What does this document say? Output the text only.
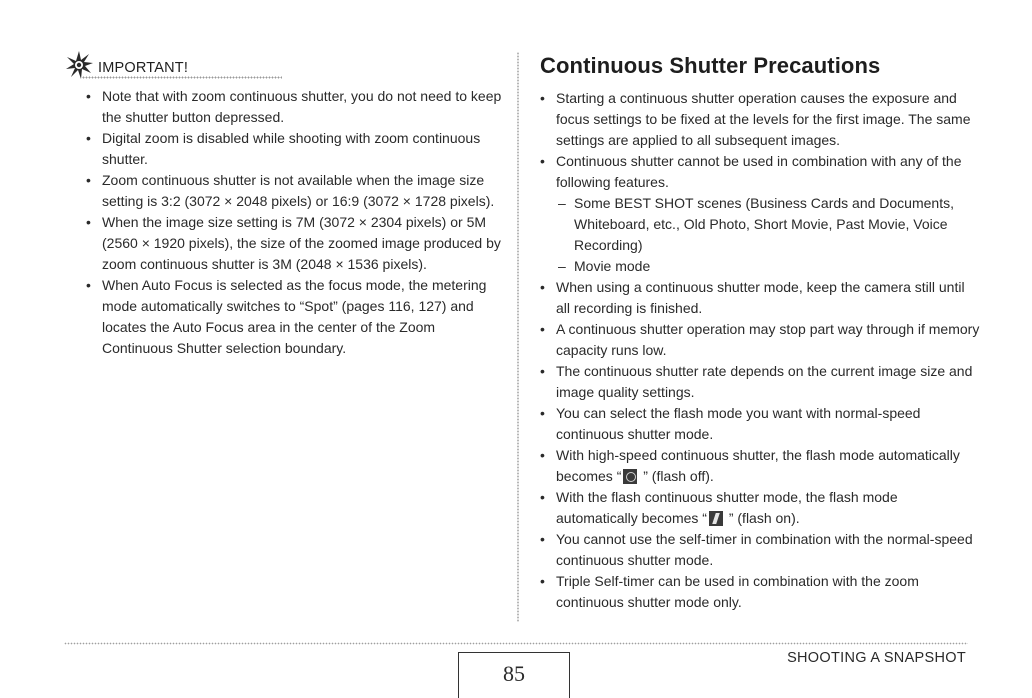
IMPORTANT!
• Note that with zoom continuous shutter, you do not need to keep the shutter button depressed.
• Digital zoom is disabled while shooting with zoom continuous shutter.
• Zoom continuous shutter is not available when the image size setting is 3:2 (3072 × 2048 pixels) or 16:9 (3072 × 1728 pixels).
• When the image size setting is 7M (3072 × 2304 pixels) or 5M (2560 × 1920 pixels), the size of the zoomed image produced by zoom continuous shutter is 3M (2048 × 1536 pixels).
• When Auto Focus is selected as the focus mode, the metering mode automatically switches to “Spot” (pages 116, 127) and locates the Auto Focus area in the center of the Zoom Continuous Shutter selection boundary.
Continuous Shutter Precautions
• Starting a continuous shutter operation causes the exposure and focus settings to be fixed at the levels for the first image. The same settings are applied to all subsequent images.
• Continuous shutter cannot be used in combination with any of the following features.
– Some BEST SHOT scenes (Business Cards and Documents, Whiteboard, etc., Old Photo, Short Movie, Past Movie, Voice Recording)
– Movie mode
• When using a continuous shutter mode, keep the camera still until all recording is finished.
• A continuous shutter operation may stop part way through if memory capacity runs low.
• The continuous shutter rate depends on the current image size and image quality settings.
• You can select the flash mode you want with normal-speed continuous shutter mode.
• With high-speed continuous shutter, the flash mode automatically becomes “ ” (flash off).
• With the flash continuous shutter mode, the flash mode automatically becomes “ ” (flash on).
• You cannot use the self-timer in combination with the normal-speed continuous shutter mode.
• Triple Self-timer can be used in combination with the zoom continuous shutter mode only.
85
SHOOTING A SNAPSHOT
